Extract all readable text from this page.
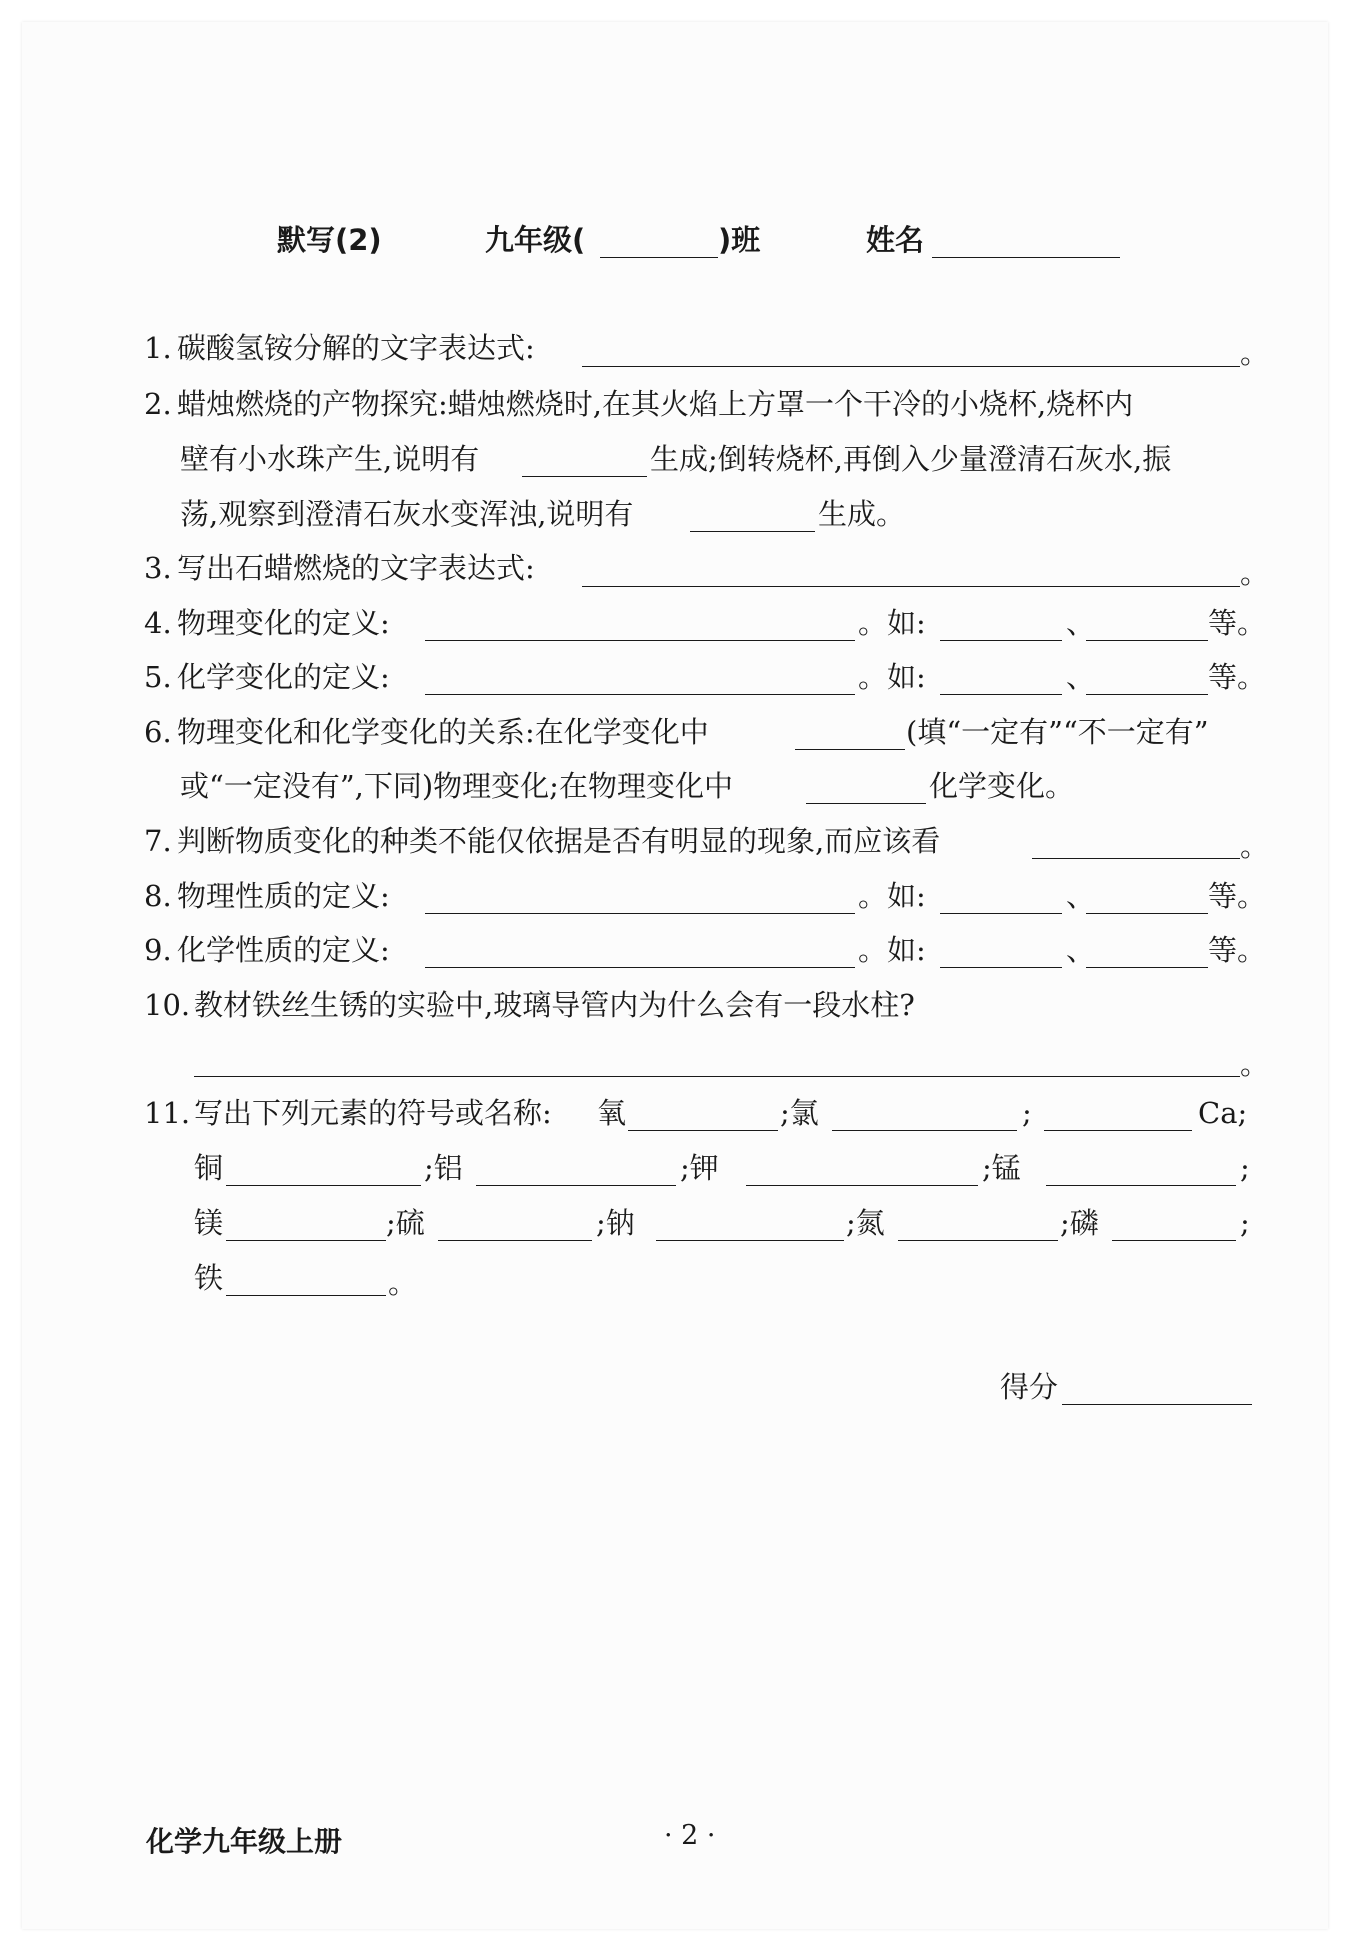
默写(2)	九年级(	)班	姓名
1. 碳酸氢铵分解的文字表达式:	。
2. 蜡烛燃烧的产物探究:蜡烛燃烧时,在其火焰上方罩一个干冷的小烧杯,烧杯内
壁有小水珠产生,说明有	生成;倒转烧杯,再倒入少量澄清石灰水,振
荡,观察到澄清石灰水变浑浊,说明有	生成。
3. 写出石蜡燃烧的文字表达式:	。
4. 物理变化的定义:	。如:	、	等。
5. 化学变化的定义:	。如:	、	等。
6. 物理变化和化学变化的关系:在化学变化中	(填“一定有”“不一定有”
或“一定没有”,下同)物理变化;在物理变化中	化学变化。
7. 判断物质变化的种类不能仅依据是否有明显的现象,而应该看	。
8. 物理性质的定义:	。如:	、	等。
9. 化学性质的定义:	。如:	、	等。
10. 教材铁丝生锈的实验中,玻璃导管内为什么会有一段水柱?
。
11. 写出下列元素的符号或名称: 氧	;氯	;	Ca;
铜	;铝	;钾	;锰	;
镁	;硫	;钠	;氮	;磷	;
铁	。
得分
化学九年级上册	· 2 ·
